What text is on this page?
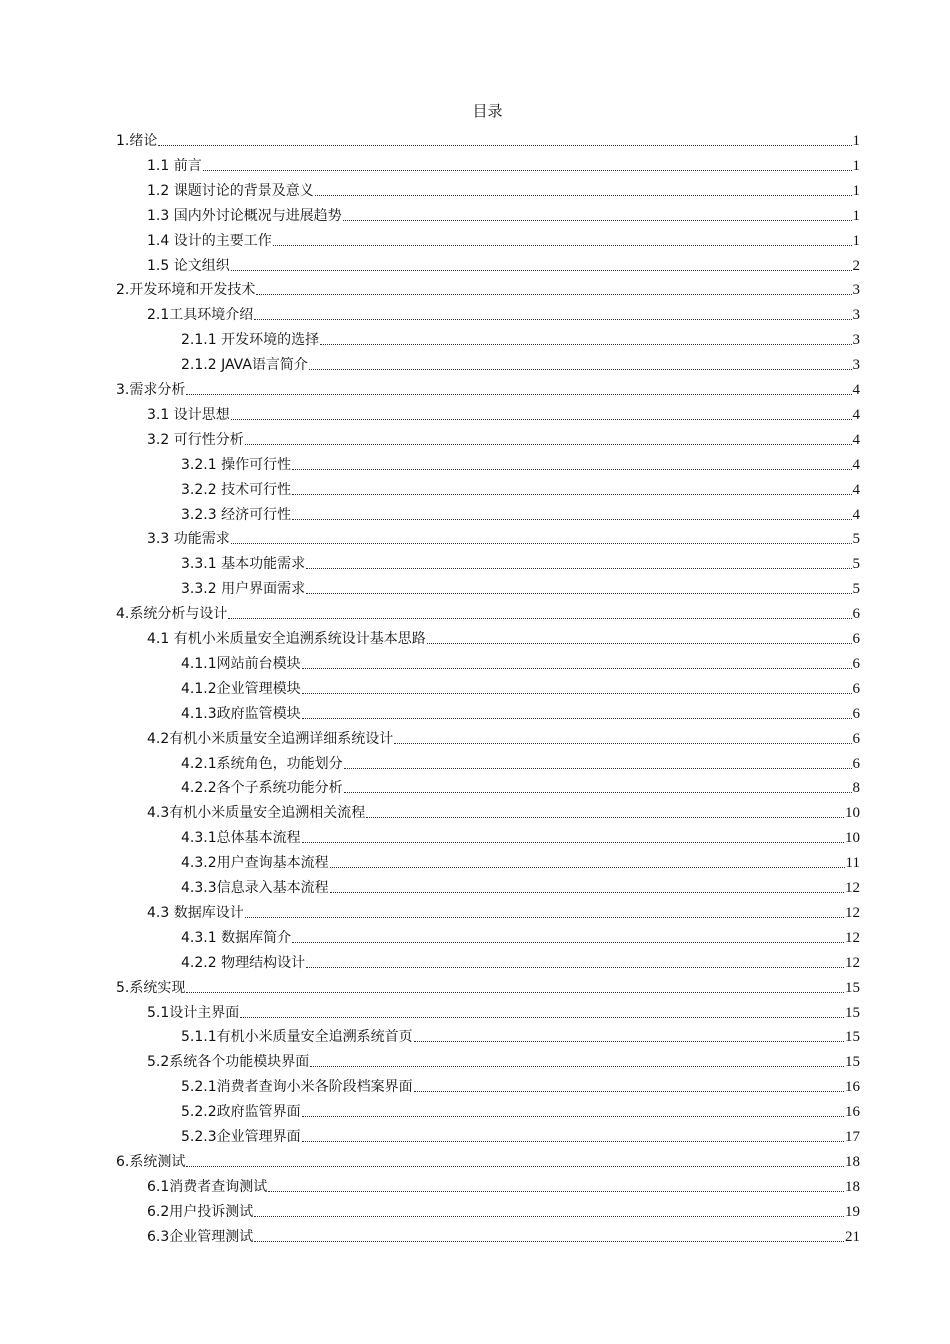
目录
1.绪论	1
1.1 前言	1
1.2 课题讨论的背景及意义	1
1.3 国内外讨论概况与进展趋势	1
1.4 设计的主要工作	1
1.5 论文组织	2
2.开发环境和开发技术	3
2.1工具环境介绍	3
2.1.1 开发环境的选择	3
2.1.2 JAVA语言简介	3
3.需求分析	4
3.1 设计思想	4
3.2 可行性分析	4
3.2.1 操作可行性	4
3.2.2 技术可行性	4
3.2.3 经济可行性	4
3.3 功能需求	5
3.3.1 基本功能需求	5
3.3.2 用户界面需求	5
4.系统分析与设计	6
4.1 有机小米质量安全追溯系统设计基本思路	6
4.1.1网站前台模块	6
4.1.2企业管理模块	6
4.1.3政府监管模块	6
4.2有机小米质量安全追溯详细系统设计	6
4.2.1系统角色，功能划分	6
4.2.2各个子系统功能分析	8
4.3有机小米质量安全追溯相关流程	10
4.3.1总体基本流程	10
4.3.2用户查询基本流程	11
4.3.3信息录入基本流程	12
4.3 数据库设计	12
4.3.1 数据库简介	12
4.2.2 物理结构设计	12
5.系统实现	15
5.1设计主界面	15
5.1.1有机小米质量安全追溯系统首页	15
5.2系统各个功能模块界面	15
5.2.1消费者查询小米各阶段档案界面	16
5.2.2政府监管界面	16
5.2.3企业管理界面	17
6.系统测试	18
6.1消费者查询测试	18
6.2用户投诉测试	19
6.3企业管理测试	21
